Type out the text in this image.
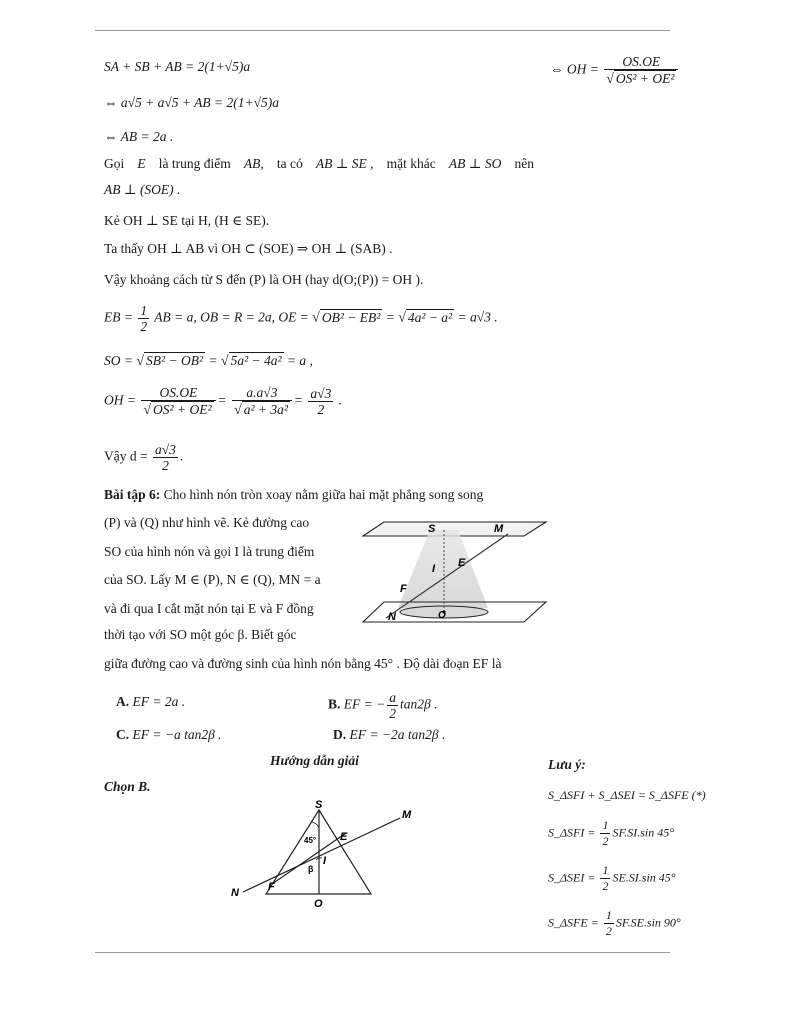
SA + SB + AB = 2(1+√5)a
⇔ a√5 + a√5 + AB = 2(1+√5)a
⇔ AB = 2a .
⇔ OH = $\frac{OS.OE}{\text{√ OS² + OE²}}$
Gọi E là trung điểm AB, ta có AB ⊥ SE , mặt khác AB ⊥ SO nên
AB ⊥ (SOE) .
Kẻ OH ⊥ SE tại H, (H ∈ SE).
Ta thấy OH ⊥ AB vì OH ⊂ (SOE) ⇒ OH ⊥ (SAB) .
Vậy khoảng cách từ S đến (P) là OH (hay d(O;(P)) = OH ).
EB = $\frac{1}{2}$ AB = a, OB = R = 2a, OE = √ OB² − EB² = √ 4a² − a² = a√3 .
SO = √ SB² − OB² = √ 5a² − 4a² = a ,
OH = $\frac{OS.OE}{\text{√ OS² + OE²}} = \frac{a.a√3}{\text{√ a² + 3a²}} = \frac{a√3}{2}$ .
Vậy $d = \frac{a√3}{2}$ .
Bài tập 6: Cho hình nón tròn xoay nằm giữa hai mặt phẳng song song
(P) và (Q) như hình vẽ. Kẻ đường cao
SO của hình nón và gọi I là trung điểm
của SO. Lấy M ∈ (P), N ∈ (Q), MN = a
và đi qua I cắt mặt nón tại E và F đồng
thời tạo với SO một góc β. Biết góc
giữa đường cao và đường sinh của hình nón bằng 45° . Độ dài đoạn EF là
S	M
I E
F
N	O
A. EF = 2a .	B. EF = − $\frac{a}{2} \tan 2\beta$ .
C. EF = −a tan2β .	D. EF = −2a tan2β .
Hướng dẫn giải
Chọn B.
S
M
E
I
F
N
O
45°
β
Lưu ý:
S_ΔSFI + S_ΔSEI = S_ΔSFE (*)
S_ΔSFI = $\frac{1}{2} SF.SI.\sin$ 45°
S_ΔSEI = $\frac{1}{2} SE.SI.\sin$ 45°
S_ΔSFE = $\frac{1}{2} SF.SE.\sin$ 90°
